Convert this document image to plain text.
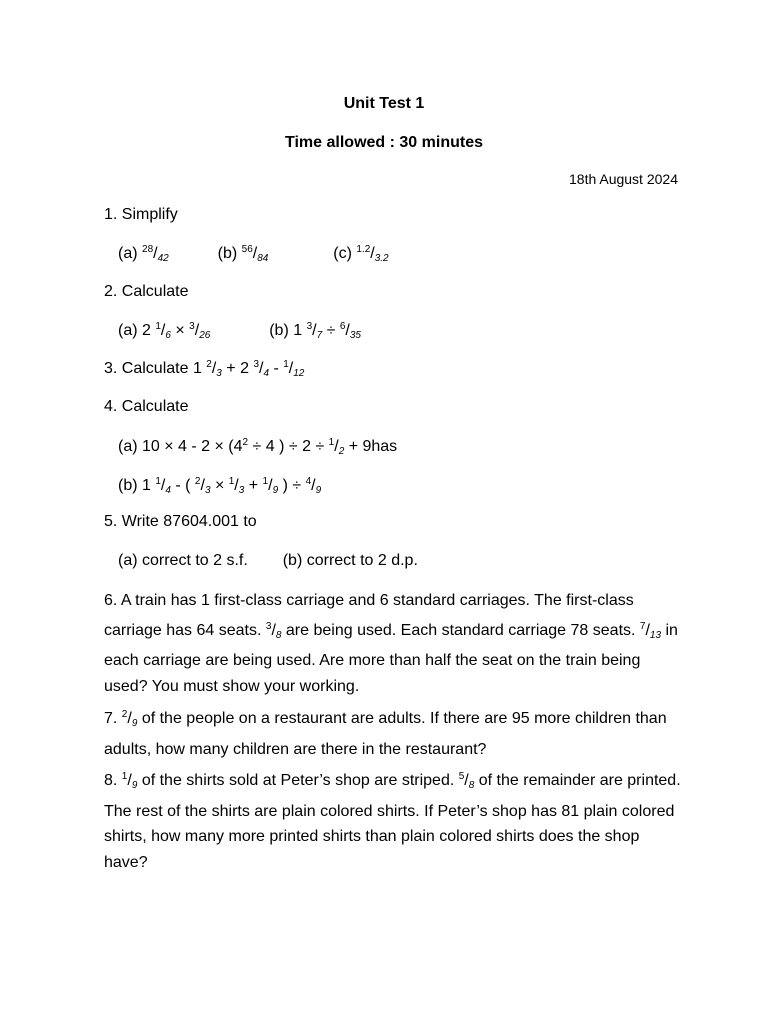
Unit Test 1

Time allowed : 30 minutes

18th August 2024

1. Simplify

(a) $^{28}/_{42}$	(b) $^{56}/_{84}$	(c) $^{1.2}/_{3.2}$

2. Calculate

(a) 2 $^1/_6 \times ^3/_{26}$	(b) 1 $^3/_7 \div ^6/_{35}$

3. Calculate 1 $^2/_3 + 2$ $^3/_4 - ^1/_{12}$

4. Calculate

(a) $10 \times 4 - 2 \times (4^2 \div 4$ ) ÷ $2 \div ^1/_2 + 9has$

(b) 1 $^1/_4$ - ( $^2/_3 \times ^1/_3 + ^1/_9$ ) ÷ $^4/_9$

5. Write 87604.001 to

(a) correct to 2 s.f. (b) correct to 2 d.p.

6. A train has 1 first-class carriage and 6 standard carriages. The first-class carriage has 64 seats. $^3/_8$ are being used. Each standard carriage 78 seats. $^7/_{13}$ in each carriage are being used. Are more than half the seat on the train being used? You must show your working.

7. $^2/_9$ of the people on a restaurant are adults. If there are 95 more children than adults, how many children are there in the restaurant?

8. $^1/_9$ of the shirts sold at Peter’s shop are striped. $^5/_8$ of the remainder are printed. The rest of the shirts are plain colored shirts. If Peter’s shop has 81 plain colored shirts, how many more printed shirts than plain colored shirts does the shop have?
